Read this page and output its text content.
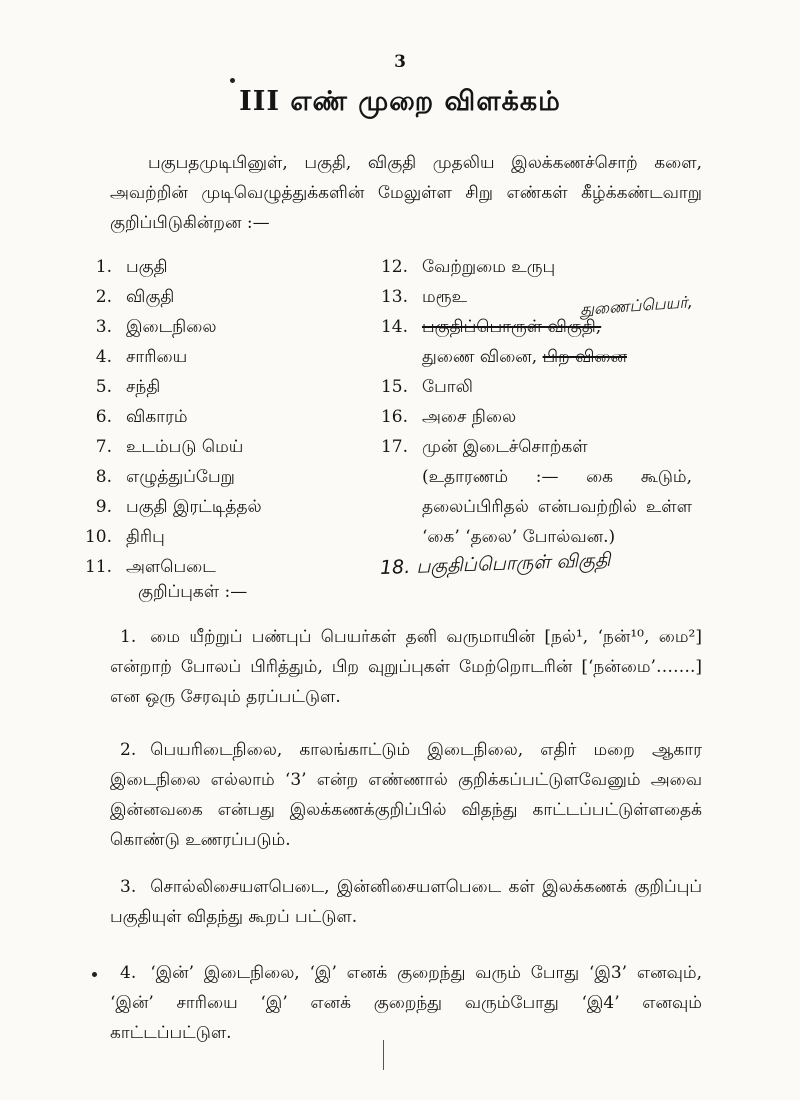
3
III எண் முறை விளக்கம்
பகுபதமுடிபினுள், பகுதி, விகுதி முதலிய இலக்கணச்சொற் களை, அவற்றின் முடிவெழுத்துக்களின் மேலுள்ள சிறு எண்கள் கீழ்க்கண்டவாறு குறிப்பிடுகின்றன :—
1. பகுதி
2. விகுதி
3. இடைநிலை
4. சாரியை
5. சந்தி
6. விகாரம்
7. உடம்படு மெய்
8. எழுத்துப்பேறு
9. பகுதி இரட்டித்தல்
10. திரிபு
11. அளபெடை
12. வேற்றுமை உருபு
13. மரூஉ
14. பகுதிப்பொருள் விகுதி,
துணை வினை, பிற வினை
15. போலி
16. அசை நிலை
17. முன் இடைச்சொற்கள்
(உதாரணம் :— கை கூடும், தலைப்பிரிதல் என்பவற்றில் உள்ள ‘கை’ ‘தலை’ போல்வன.)
துணைப்பெயர்,
18. பகுதிப்பொருள் விகுதி
குறிப்புகள் :—
1. மை யீற்றுப் பண்புப் பெயர்கள் தனி வருமாயின் [நல்¹, ‘நன்¹⁰, மை²] என்றாற் போலப் பிரித்தும், பிற வுறுப்புகள் மேற்றொடரின் [‘நன்மை’…….] என ஒரு சேரவும் தரப்பட்டுள.
2. பெயரிடைநிலை, காலங்காட்டும் இடைநிலை, எதிர் மறை ஆகார இடைநிலை எல்லாம் ‘3’ என்ற எண்ணால் குறிக்கப்பட்டுளவேனும் அவை இன்னவகை என்பது இலக்கணக்குறிப்பில் விதந்து காட்டப்பட்டுள்ளதைக் கொண்டு உணரப்படும்.
3. சொல்லிசையளபெடை, இன்னிசையளபெடை கள் இலக்கணக் குறிப்புப் பகுதியுள் விதந்து கூறப் பட்டுள.
4. ‘இன்’ இடைநிலை, ‘இ’ எனக் குறைந்து வரும் போது ‘இ3’ எனவும், ‘இன்’ சாரியை ‘இ’ எனக் குறைந்து வரும்போது ‘இ4’ எனவும் காட்டப்பட்டுள.
